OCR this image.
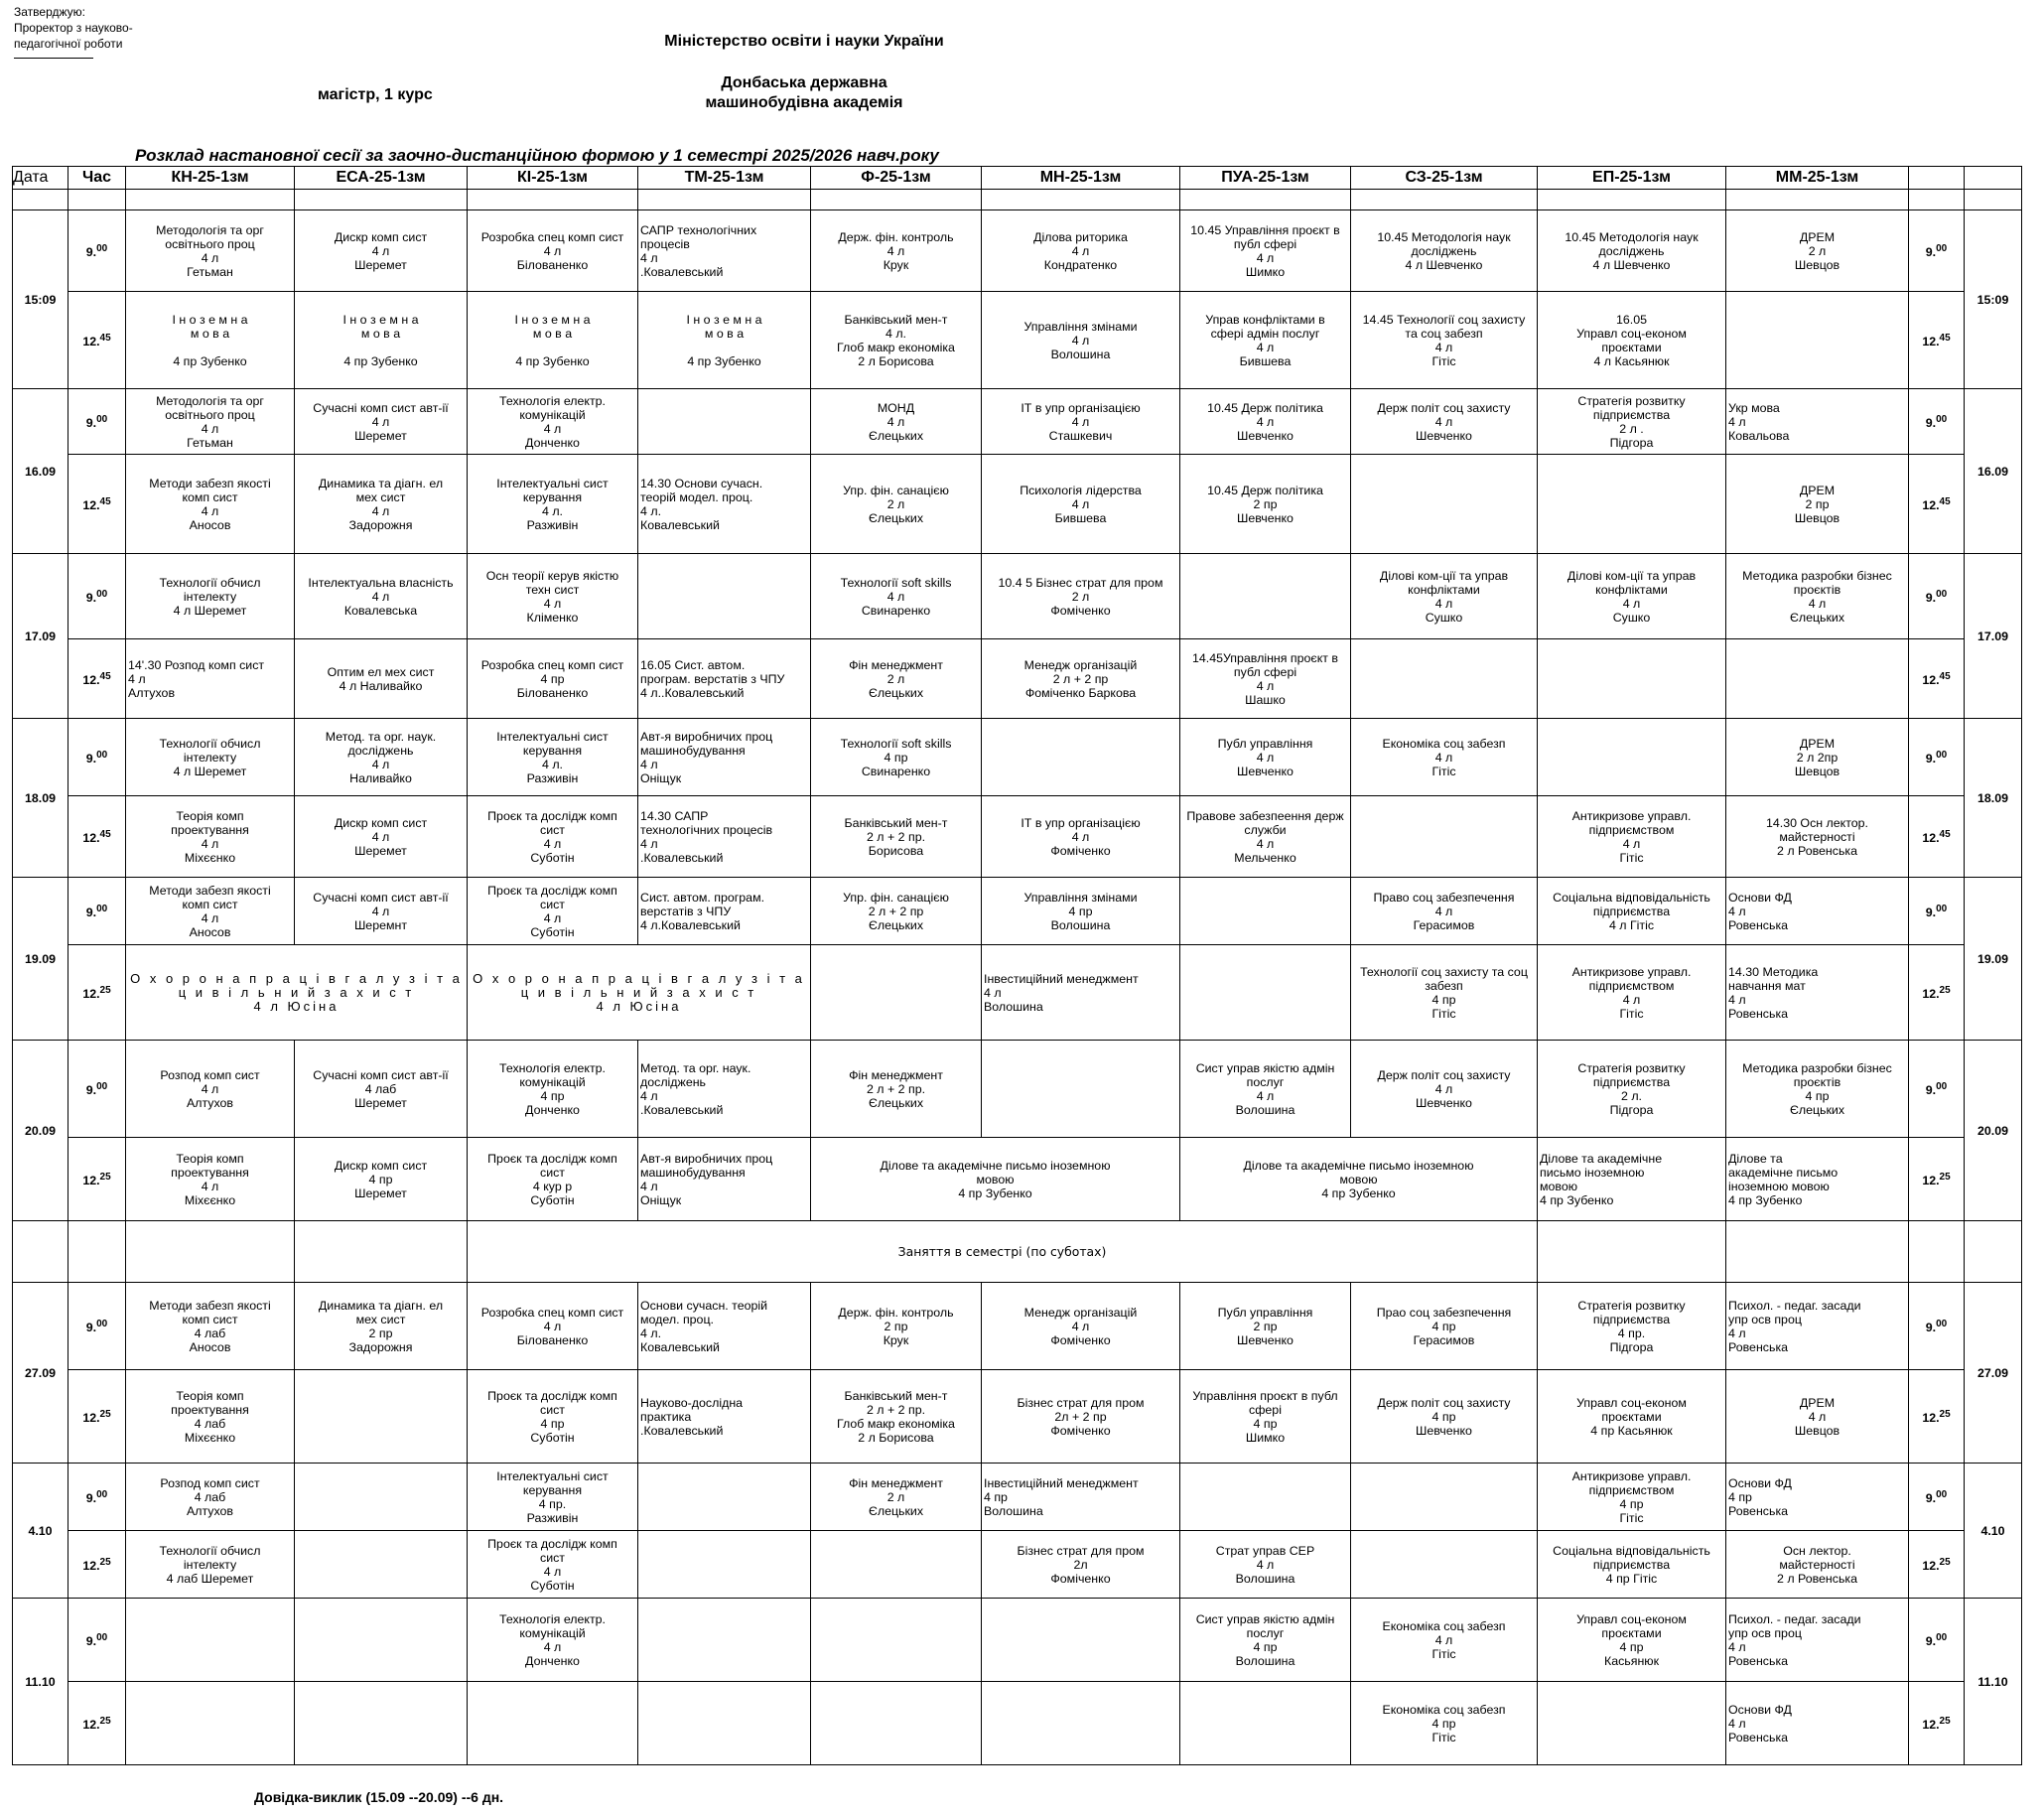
Затверджую:
Проректор з науково-
педагогічної роботи	Міністерство освіти і науки України
Донбаська державна
машинобудівна академія
магістр, 1 курс
Розклад настановної сесії за заочно-дистанційною формою у 1 семестрі 2025/2026 навч.року
Дата	Час	КН-25-1зм	ЕСА-25-1зм	КІ-25-1зм	ТМ-25-1зм	Ф-25-1зм	МН-25-1зм	ПУА-25-1зм	СЗ-25-1зм	ЕП-25-1зм	ММ-25-1зм		

15:09	9.00	Методологія та орг
освітнього проц
4 л
Гетьман	Дискр комп сист
4 л
Шеремет	Розробка спец комп сист
4 л
Білованенко	САПР технологічних
процесів
4 л
.Ковалевський	Держ. фін. контроль
4 л
Крук	Ділова риторика
4 л
Кондратенко	10.45 Управління проєкт в
публ сфері
4 л
Шимко	10.45 Методологія наук
досліджень
4 л Шевченко	10.45 Методологія наук
досліджень
4 л Шевченко	ДРЕМ
2 л
Шевцов	9.00	15:09
	12.45	І н о з е м н а
м о в а

4 пр Зубенко	І н о з е м н а
м о в а

4 пр Зубенко	І н о з е м н а
м о в а

4 пр Зубенко	І н о з е м н а
м о в а

4 пр Зубенко	Банківський мен-т
4 л.
Глоб макр економіка
2 л Борисова	Управління змінами
4 л
Волошина	Управ конфліктами в
сфері адмін послуг
4 л
Бившева	14.45 Технології соц захисту
та соц забезп
4 л
Гітіс	16.05
Управл соц-економ
проєктами
4 л Касьянюк		12.45
16.09	9.00	Методологія та орг
освітнього проц
4 л
Гетьман	Сучасні комп сист авт-ії
4 л
Шеремет	Технологія електр.
комунікацій
4 л
Донченко		МОНД
4 л
Єлецьких	ІТ в упр організацією
4 л
Сташкевич	10.45 Держ політика
4 л
Шевченко	Держ політ соц захисту
4 л
Шевченко	Стратегія розвитку
підприємства
2 л .
Підгора	Укр мова
4 л
Ковальова	9.00	16.09
	12.45	Методи забезп якості
комп сист
4 л
Аносов	Динамика та діагн. ел
мех сист
4 л
Задорожня	Інтелектуальні сист
керування
4 л.
Разживін	14.30 Основи сучасн.
теорій модел. проц.
4 л.
Ковалевський	Упр. фін. санацією
2 л
Єлецьких	Психологія лідерства
4 л
Бившева	10.45 Держ політика
2 пр
Шевченко			ДРЕМ
2 пр
Шевцов	12.45
17.09	9.00	Технології обчисл
інтелекту
4 л Шеремет	Інтелектуальна власність
4 л
Ковалевська	Осн теорії керув якістю
техн сист
4 л
Кліменко		Технології soft skills
4 л
Свинаренко	10.4 5 Бізнес страт для пром
2 л
Фоміченко		Ділові ком-ції та управ
конфліктами
4 л
Сушко	Ділові ком-ції та управ
конфліктами
4 л
Сушко	Методика разробки бізнес
проєктів
4 л
Єлецьких	9.00	17.09
	12.45	14'.30 Розпод комп сист
4 л
Алтухов	Оптим ел мех сист
4 л Наливайко	Розробка спец комп сист
4 пр
Білованенко	16.05 Сист. автом.
програм. верстатів з ЧПУ
4 л..Ковалевський	Фін менеджмент
2 л
Єлецьких	Менедж організацій
2 л + 2 пр
Фоміченко Баркова	14.45Управління проєкт в
публ сфері
4 л
Шашко				12.45
18.09	9.00	Технології обчисл
інтелекту
4 л Шеремет	Метод. та орг. наук.
досліджень
4 л
Наливайко	Інтелектуальні сист
керування
4 л.
Разживін	Авт-я виробничих проц
машинобудування
4 л
Оніщук	Технології soft skills
4 пр
Свинаренко		Публ управління
4 л
Шевченко	Економіка соц забезп
4 л
Гітіс		ДРЕМ
2 л 2пр
Шевцов	9.00	18.09
	12.45	Теорія комп
проектування
4 л
Міхєєнко	Дискр комп сист
4 л
Шеремет	Проєк та дослідж комп
сист
4 л
Суботін	14.30 САПР
технологічних процесів
4 л
.Ковалевський	Банківський мен-т
2 л + 2 пр.
Борисова	ІТ в упр організацією
4 л
Фоміченко	Правове забезпеення держ
служби
4 л
Мельченко		Антикризове управл.
підприємством
4 л
Гітіс	14.30 Осн лектор.
майстерності
2 л Ровенська	12.45
19.09	9.00	Методи забезп якості
комп сист
4 л
Аносов	Сучасні комп сист авт-ії
4 л
Шеремнт	Проєк та дослідж комп
сист
4 л
Суботін	Сист. автом. програм.
верстатів з ЧПУ
4 л.Ковалевський	Упр. фін. санацією
2 л + 2 пр
Єлецьких	Управління змінами
4 пр
Волошина		Право соц забезпечення
4 л
Герасимов	Соціальна відповідальність
підприємства
4 л Гітіс	Основи ФД
4 л
Ровенська	9.00	19.09
	12.25	О х о р о н а п р а ц і в г а л у з і т а
ц и в і л ь н и й з а х и с т
4 л Юсіна		О х о р о н а п р а ц і в г а л у з і т а
ц и в і л ь н и й з а х и с т
4 л Юсіна			Інвестиційний менеджмент
4 л
Волошина		Технології соц захисту та соц
забезп
4 пр
Гітіс	Антикризове управл.
підприємством
4 л
Гітіс	14.30 Методика
навчання мат
4 л
Ровенська	12.25
20.09	9.00	Розпод комп сист
4 л
Алтухов	Сучасні комп сист авт-ії
4 лаб
Шеремет	Технологія електр.
комунікацій
4 пр
Донченко	Метод. та орг. наук.
досліджень
4 л
.Ковалевський	Фін менеджмент
2 л + 2 пр.
Єлецьких		Сист управ якістю адмін
послуг
4 л
Волошина	Держ політ соц захисту
4 л
Шевченко	Стратегія розвитку
підприємства
2 л.
Підгора	Методика разробки бізнес
проєктів
4 пр
Єлецьких	9.00	20.09
	12.25	Теорія комп
проектування
4 л
Міхєєнко	Дискр комп сист
4 пр
Шеремет	Проєк та дослідж комп
сист
4 кур р
Суботін	Авт-я виробничих проц
машинобудування
4 л
Оніщук	Ділове та академічне письмо іноземною
мовою
4 пр Зубенко		Ділове та академічне письмо іноземною
мовою
4 пр Зубенко		Ділове та академічне
письмо іноземною
мовою
4 пр Зубенко	Ділове та
академічне письмо
іноземною мовою
4 пр Зубенко	12.25
				Заняття в семестрі (по суботах)									
27.09	9.00	Методи забезп якості
комп сист
4 лаб
Аносов	Динамика та діагн. ел
мех сист
2 пр
Задорожня	Розробка спец комп сист
4 л
Білованенко	Основи сучасн. теорій
модел. проц.
4 л.
Ковалевський	Держ. фін. контроль
2 пр
Крук	Менедж організацій
4 л
Фоміченко	Публ управління
2 пр
Шевченко	Прао соц забезпечення
4 пр
Герасимов	Стратегія розвитку
підприємства
4 пр.
Підгора	Психол. - педаг. засади
упр осв проц
4 л
Ровенська	9.00	27.09
	12.25	Теорія комп
проектування
4 лаб
Міхєєнко		Проєк та дослідж комп
сист
4 пр
Суботін	Науково-дослідна
практика
.Ковалевський	Банківський мен-т
2 л + 2 пр.
Глоб макр економіка
2 л Борисова	Бізнес страт для пром
2л + 2 пр
Фоміченко	Управління проєкт в публ
сфері
4 пр
Шимко	Держ політ соц захисту
4 пр
Шевченко	Управл соц-економ
проєктами
4 пр Касьянюк	ДРЕМ
4 л
Шевцов	12.25
4.10	9.00	Розпод комп сист
4 лаб
Алтухов		Інтелектуальні сист
керування
4 пр.
Разживін		Фін менеджмент
2 л
Єлецьких	Інвестиційний менеджмент
4 пр
Волошина			Антикризове управл.
підприємством
4 пр
Гітіс	Основи ФД
4 пр
Ровенська	9.00	4.10
	12.25	Технології обчисл
інтелекту
4 лаб Шеремет		Проєк та дослідж комп
сист
4 л
Суботін			Бізнес страт для пром
2л
Фоміченко	Страт управ СЕР
4 л
Волошина		Соціальна відповідальність
підприємства
4 пр Гітіс	Осн лектор.
майстерності
2 л Ровенська	12.25
11.10	9.00			Технологія електр.
комунікацій
4 л
Донченко				Сист управ якістю адмін
послуг
4 пр
Волошина	Економіка соц забезп
4 л
Гітіс	Управл соц-економ
проєктами
4 пр
Касьянюк	Психол. - педаг. засади
упр осв проц
4 л
Ровенська	9.00	11.10
	12.25								Економіка соц забезп
4 пр
Гітіс		Основи ФД
4 л
Ровенська	12.25
Довідка-виклик (15.09 --20.09) --6 дн.
